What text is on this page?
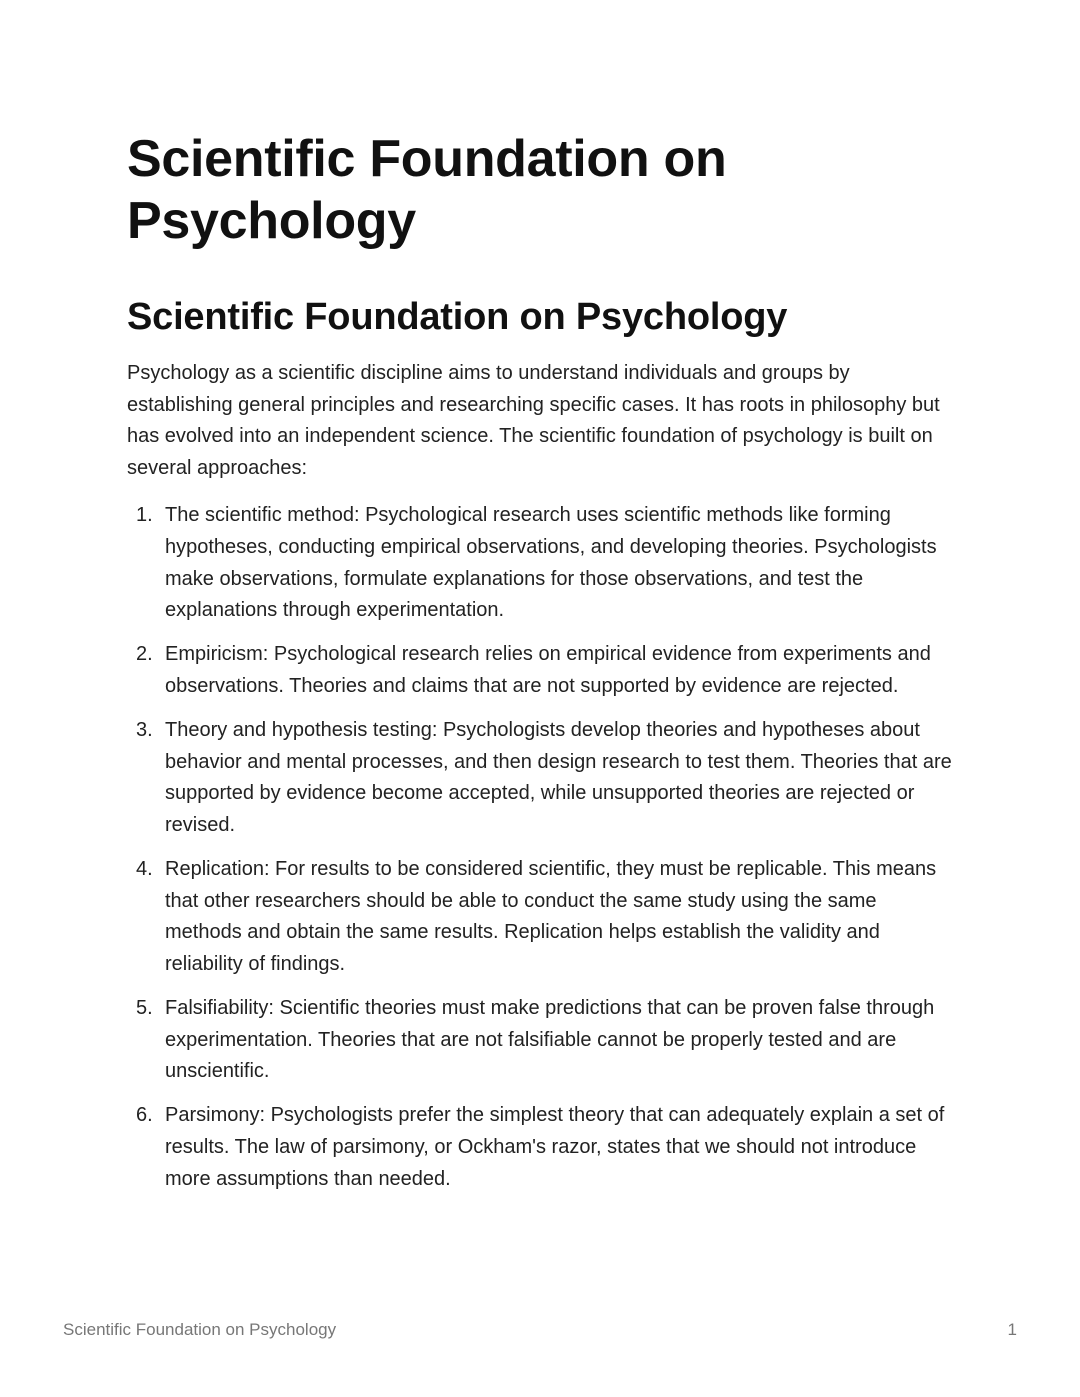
Scientific Foundation on Psychology
Scientific Foundation on Psychology

Psychology as a scientific discipline aims to understand individuals and groups by establishing general principles and researching specific cases. It has roots in philosophy but has evolved into an independent science. The scientific foundation of psychology is built on several approaches:

1. The scientific method: Psychological research uses scientific methods like forming hypotheses, conducting empirical observations, and developing theories. Psychologists make observations, formulate explanations for those observations, and test the explanations through experimentation.
2. Empiricism: Psychological research relies on empirical evidence from experiments and observations. Theories and claims that are not supported by evidence are rejected.
3. Theory and hypothesis testing: Psychologists develop theories and hypotheses about behavior and mental processes, and then design research to test them. Theories that are supported by evidence become accepted, while unsupported theories are rejected or revised.
4. Replication: For results to be considered scientific, they must be replicable. This means that other researchers should be able to conduct the same study using the same methods and obtain the same results. Replication helps establish the validity and reliability of findings.
5. Falsifiability: Scientific theories must make predictions that can be proven false through experimentation. Theories that are not falsifiable cannot be properly tested and are unscientific.
6. Parsimony: Psychologists prefer the simplest theory that can adequately explain a set of results. The law of parsimony, or Ockham's razor, states that we should not introduce more assumptions than needed.
Scientific Foundation on Psychology	1
